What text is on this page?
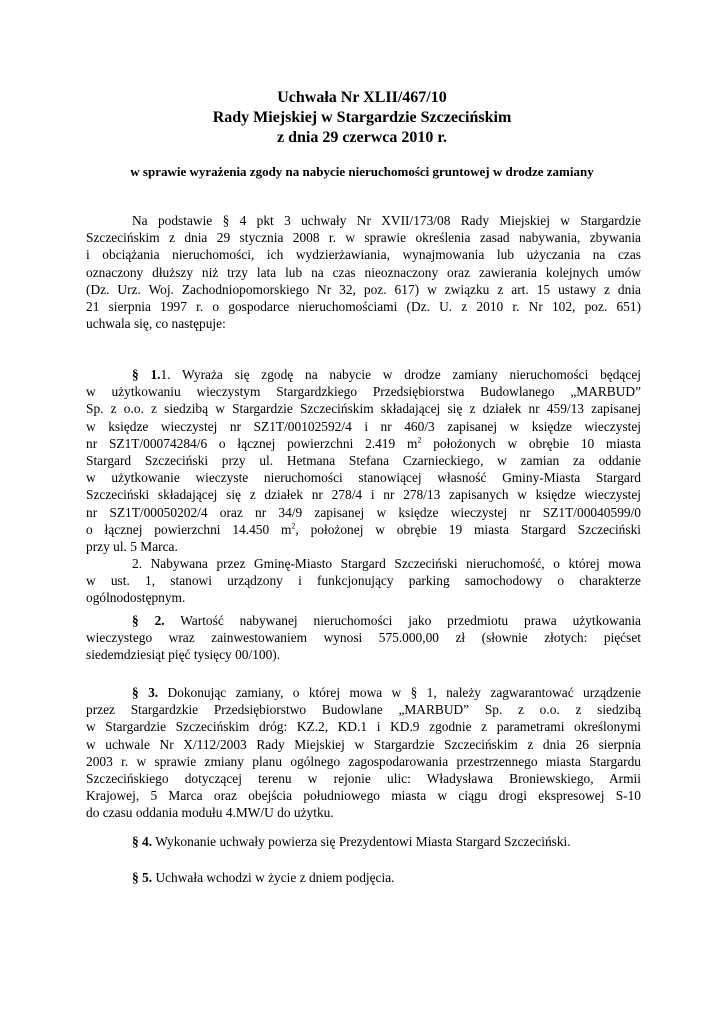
Uchwała Nr XLII/467/10
Rady Miejskiej w Stargardzie Szczecińskim
z dnia 29 czerwca 2010 r.
w sprawie wyrażenia zgody na nabycie nieruchomości gruntowej w drodze zamiany
Na podstawie § 4 pkt 3 uchwały Nr XVII/173/08 Rady Miejskiej w Stargardzie
Szczecińskim z dnia 29 stycznia 2008 r. w sprawie określenia zasad nabywania, zbywania
i obciążania nieruchomości, ich wydzierżawiania, wynajmowania lub użyczania na czas
oznaczony dłuższy niż trzy lata lub na czas nieoznaczony oraz zawierania kolejnych umów
(Dz. Urz. Woj. Zachodniopomorskiego Nr 32, poz. 617) w związku z art. 15 ustawy z dnia
21 sierpnia 1997 r. o gospodarce nieruchomościami (Dz. U. z 2010 r. Nr 102, poz. 651)
uchwala się, co następuje:
§ 1.1. Wyraża się zgodę na nabycie w drodze zamiany nieruchomości będącej
w użytkowaniu wieczystym Stargardzkiego Przedsiębiorstwa Budowlanego „MARBUD”
Sp. z o.o. z siedzibą w Stargardzie Szczecińskim składającej się z działek nr 459/13 zapisanej
w księdze wieczystej nr SZ1T/00102592/4 i nr 460/3 zapisanej w księdze wieczystej
nr SZ1T/00074284/6 o łącznej powierzchni 2.419 $m^2$ położonych w obrębie 10 miasta
Stargard Szczeciński przy ul. Hetmana Stefana Czarnieckiego, w zamian za oddanie
w użytkowanie wieczyste nieruchomości stanowiącej własność Gminy-Miasta Stargard
Szczeciński składającej się z działek nr 278/4 i nr 278/13 zapisanych w księdze wieczystej
nr SZ1T/00050202/4 oraz nr 34/9 zapisanej w księdze wieczystej nr SZ1T/00040599/0
o łącznej powierzchni 14.450 $m^2$, położonej w obrębie 19 miasta Stargard Szczeciński
przy ul. 5 Marca.
2. Nabywana przez Gminę-Miasto Stargard Szczeciński nieruchomość, o której mowa
w ust. 1, stanowi urządzony i funkcjonujący parking samochodowy o charakterze
ogólnodostępnym.
§ 2. Wartość nabywanej nieruchomości jako przedmiotu prawa użytkowania
wieczystego wraz zainwestowaniem wynosi 575.000,00 zł (słownie złotych: pięćset
siedemdziesiąt pięć tysięcy 00/100).
§ 3. Dokonując zamiany, o której mowa w § 1, należy zagwarantować urządzenie
przez Stargardzkie Przedsiębiorstwo Budowlane „MARBUD” Sp. z o.o. z siedzibą
w Stargardzie Szczecińskim dróg: KZ.2, KD.1 i KD.9 zgodnie z parametrami określonymi
w uchwale Nr X/112/2003 Rady Miejskiej w Stargardzie Szczecińskim z dnia 26 sierpnia
2003 r. w sprawie zmiany planu ogólnego zagospodarowania przestrzennego miasta Stargardu
Szczecińskiego dotyczącej terenu w rejonie ulic: Władysława Broniewskiego, Armii
Krajowej, 5 Marca oraz obejścia południowego miasta w ciągu drogi ekspresowej S-10
do czasu oddania modułu 4.MW/U do użytku.
§ 4. Wykonanie uchwały powierza się Prezydentowi Miasta Stargard Szczeciński.
§ 5. Uchwała wchodzi w życie z dniem podjęcia.
